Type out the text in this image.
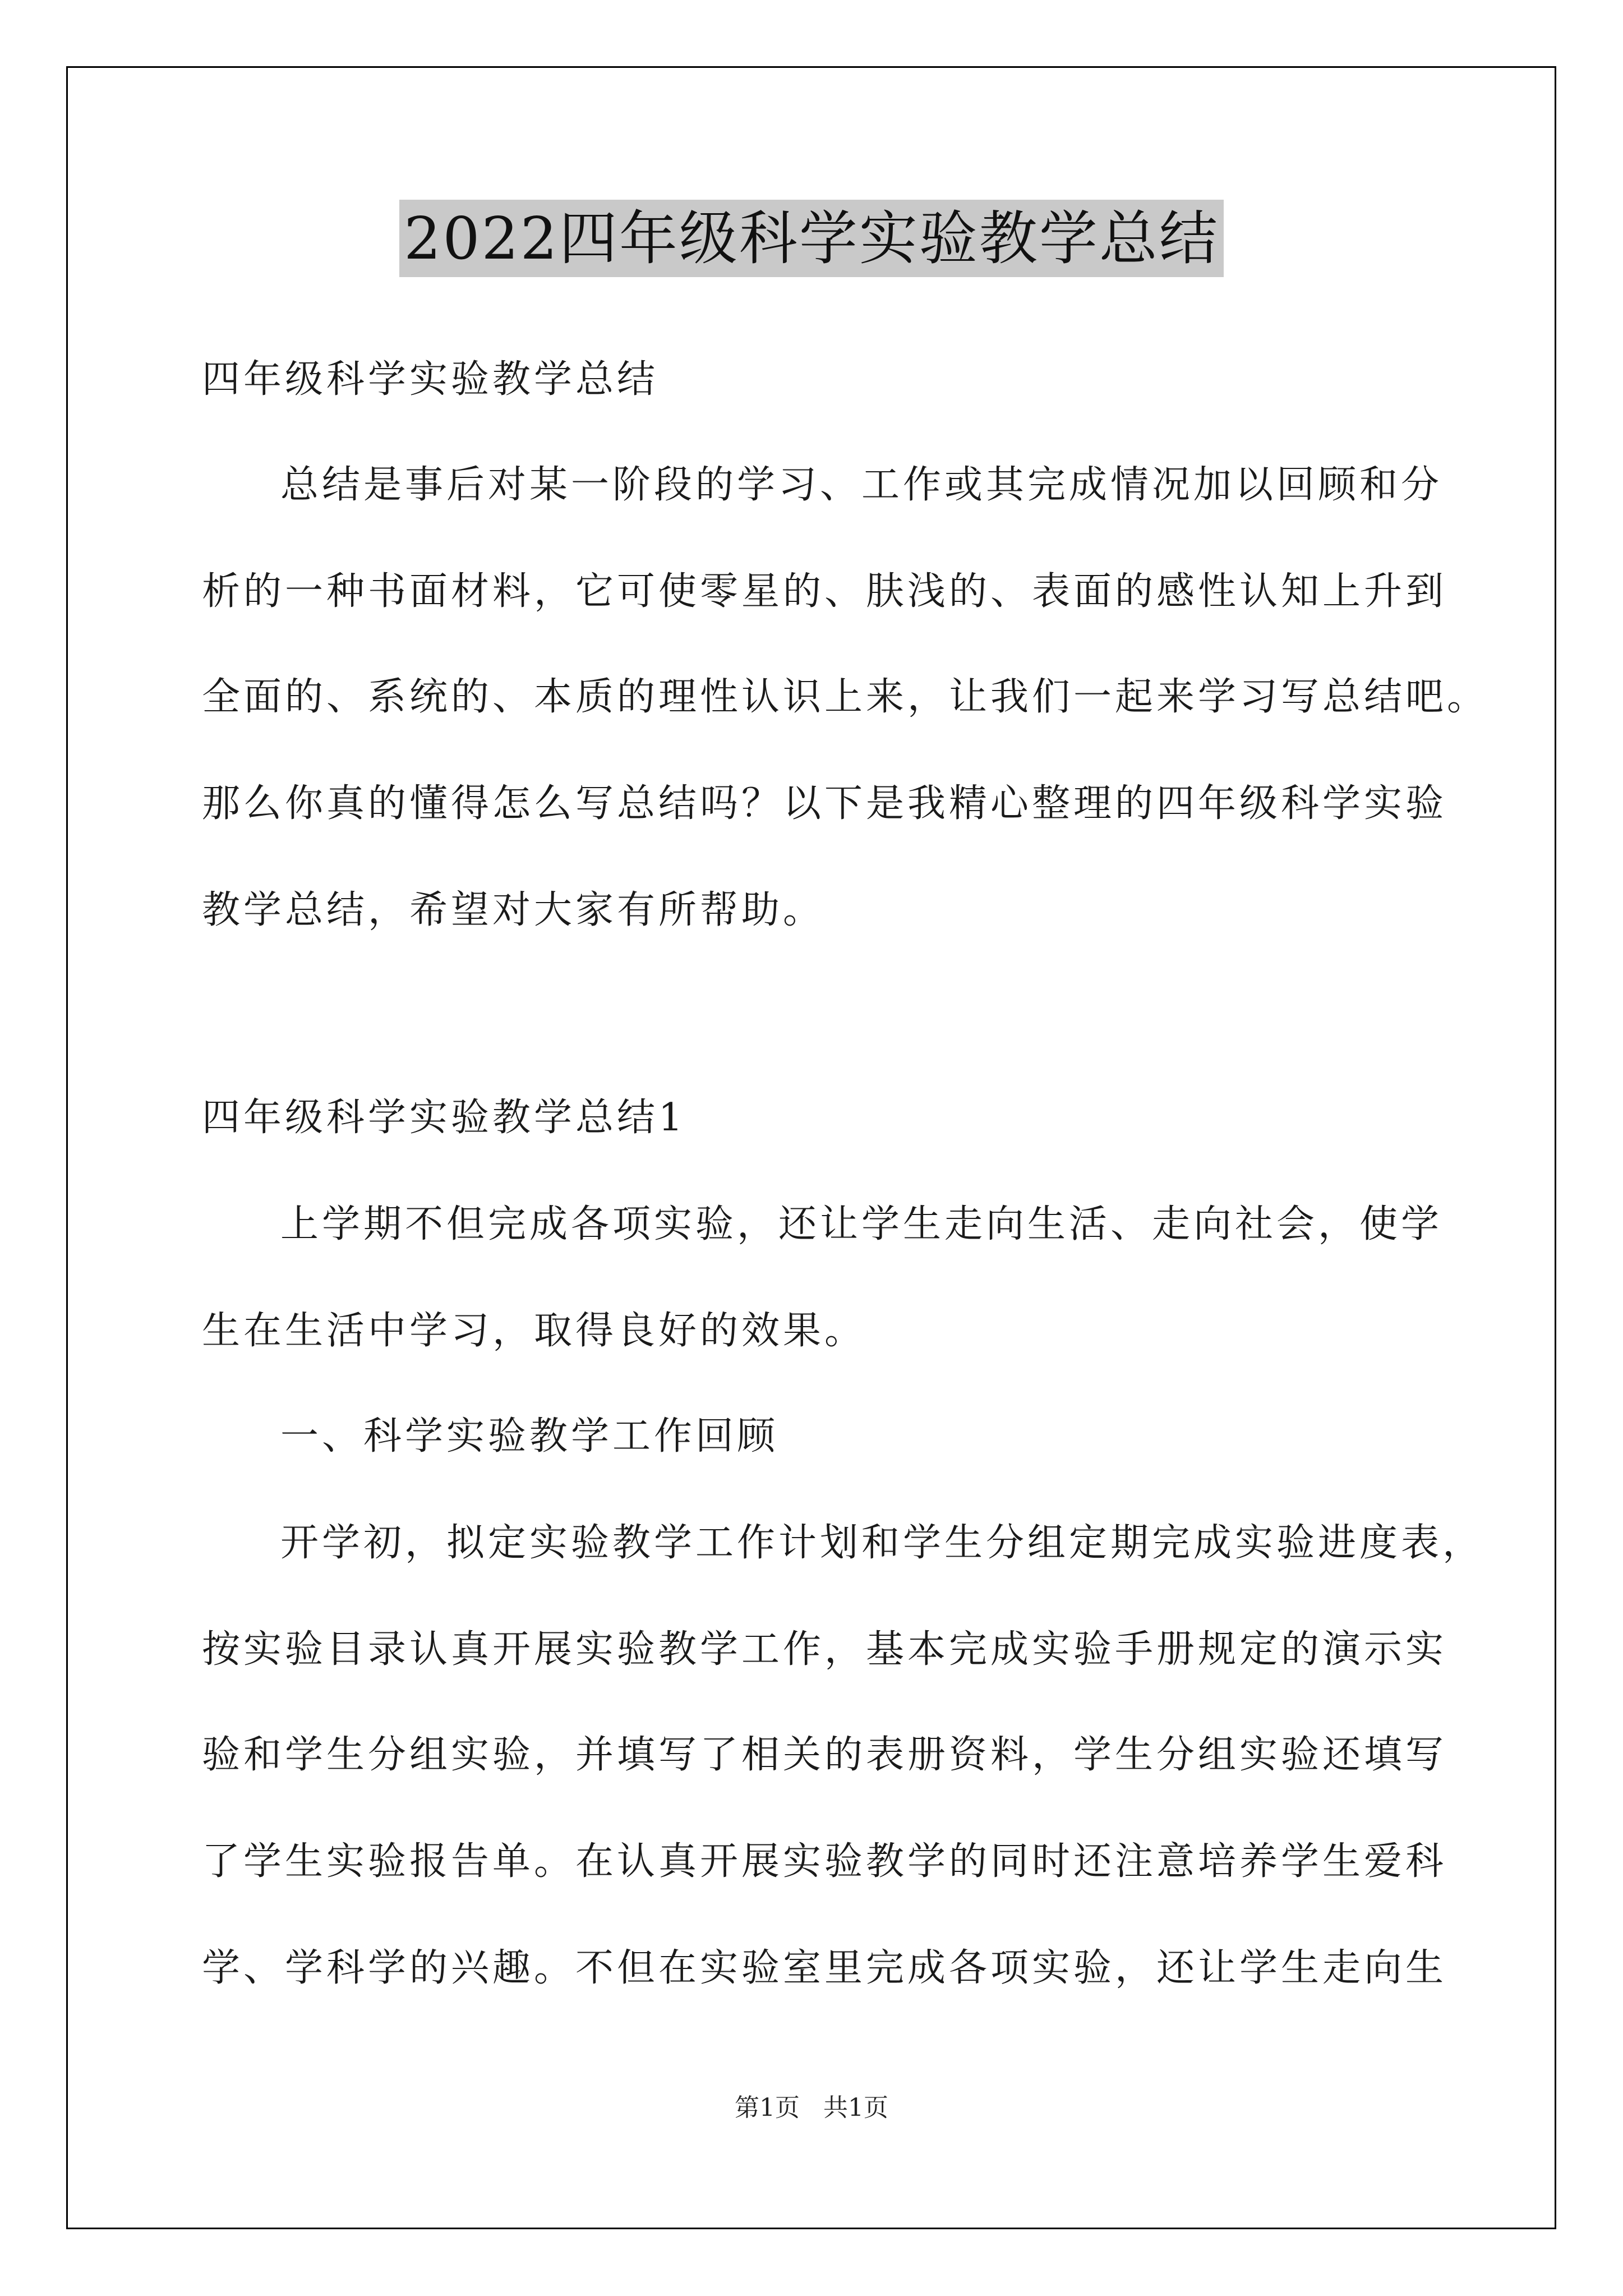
2022四年级科学实验教学总结
四年级科学实验教学总结
总结是事后对某一阶段的学习、工作或其完成情况加以回顾和分
析的一种书面材料，它可使零星的、肤浅的、表面的感性认知上升到
全面的、系统的、本质的理性认识上来，让我们一起来学习写总结吧。
那么你真的懂得怎么写总结吗？以下是我精心整理的四年级科学实验
教学总结，希望对大家有所帮助。
四年级科学实验教学总结1
上学期不但完成各项实验，还让学生走向生活、走向社会，使学
生在生活中学习，取得良好的效果。
一、科学实验教学工作回顾
开学初，拟定实验教学工作计划和学生分组定期完成实验进度表，
按实验目录认真开展实验教学工作，基本完成实验手册规定的演示实
验和学生分组实验，并填写了相关的表册资料，学生分组实验还填写
了学生实验报告单。在认真开展实验教学的同时还注意培养学生爱科
学、学科学的兴趣。不但在实验室里完成各项实验，还让学生走向生
第1页   共1页
